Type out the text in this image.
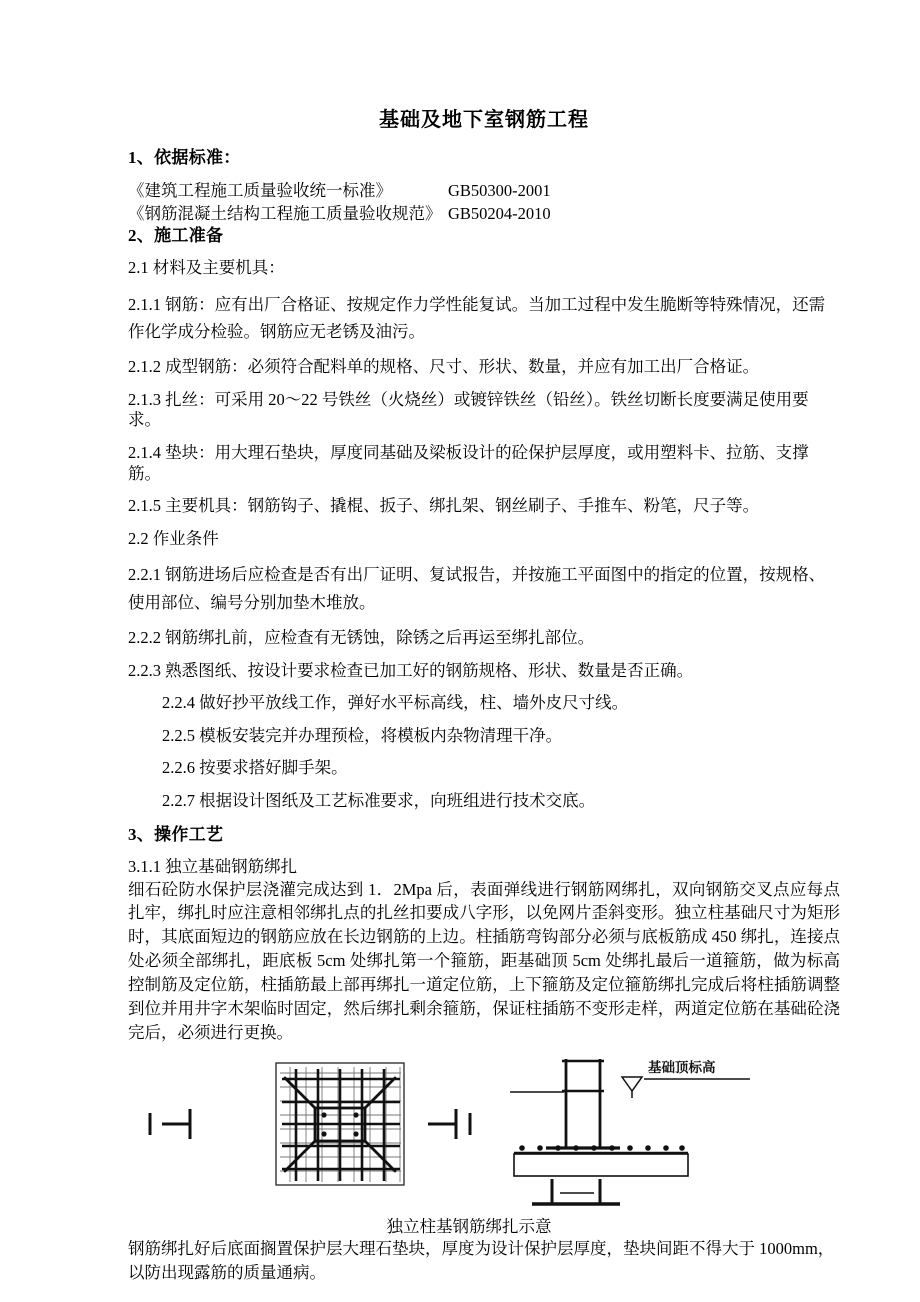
基础及地下室钢筋工程

1、依据标准：

《建筑工程施工质量验收统一标准》	GB50300-2001
《钢筋混凝土结构工程施工质量验收规范》 GB50204-2010

2、施工准备

2.1 材料及主要机具：

2.1.1 钢筋：应有出厂合格证、按规定作力学性能复试。当加工过程中发生脆断等特殊情况，还需作化学成分检验。钢筋应无老锈及油污。

2.1.2 成型钢筋：必须符合配料单的规格、尺寸、形状、数量，并应有加工出厂合格证。

2.1.3 扎丝：可采用 20～22 号铁丝（火烧丝）或镀锌铁丝（铅丝）。铁丝切断长度要满足使用要求。

2.1.4 垫块：用大理石垫块，厚度同基础及梁板设计的砼保护层厚度，或用塑料卡、拉筋、支撑筋。

2.1.5 主要机具：钢筋钩子、撬棍、扳子、绑扎架、钢丝刷子、手推车、粉笔，尺子等。

2.2 作业条件

2.2.1 钢筋进场后应检查是否有出厂证明、复试报告，并按施工平面图中的指定的位置，按规格、使用部位、编号分别加垫木堆放。

2.2.2 钢筋绑扎前，应检查有无锈蚀，除锈之后再运至绑扎部位。

2.2.3 熟悉图纸、按设计要求检查已加工好的钢筋规格、形状、数量是否正确。

2.2.4 做好抄平放线工作，弹好水平标高线，柱、墙外皮尺寸线。

2.2.5 模板安装完并办理预检，将模板内杂物清理干净。

2.2.6 按要求搭好脚手架。

2.2.7 根据设计图纸及工艺标准要求，向班组进行技术交底。

3、操作工艺

3.1.1 独立基础钢筋绑扎

细石砼防水保护层浇灌完成达到 1．2Mpa 后，表面弹线进行钢筋网绑扎，双向钢筋交叉点应每点扎牢，绑扎时应注意相邻绑扎点的扎丝扣要成八字形，以免网片歪斜变形。独立柱基础尺寸为矩形时，其底面短边的钢筋应放在长边钢筋的上边。柱插筋弯钩部分必须与底板筋成 450 绑扎，连接点处必须全部绑扎，距底板 5cm 处绑扎第一个箍筋，距基础顶 5cm 处绑扎最后一道箍筋，做为标高控制筋及定位筋，柱插筋最上部再绑扎一道定位筋，上下箍筋及定位箍筋绑扎完成后将柱插筋调整到位并用井字木架临时固定，然后绑扎剩余箍筋，保证柱插筋不变形走样，两道定位筋在基础砼浇完后，必须进行更换。

基础顶标高

独立柱基钢筋绑扎示意

钢筋绑扎好后底面搁置保护层大理石垫块，厚度为设计保护层厚度，垫块间距不得大于 1000mm，以防出现露筋的质量通病。
